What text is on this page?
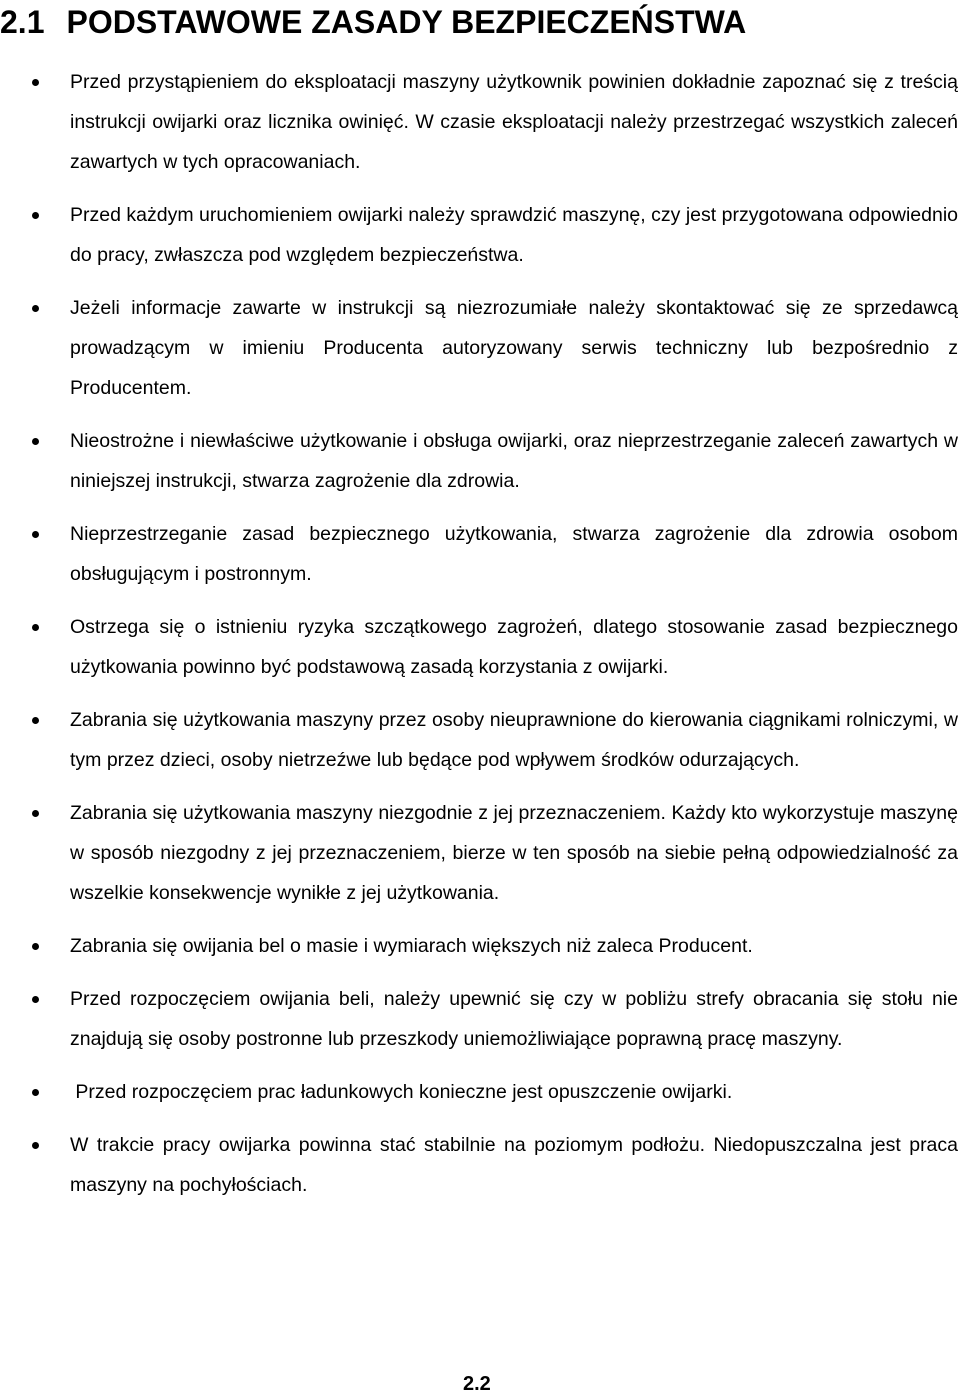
2.1 PODSTAWOWE ZASADY BEZPIECZEŃSTWA
Przed przystąpieniem do eksploatacji maszyny użytkownik powinien dokładnie zapoznać się z treścią instrukcji owijarki oraz licznika owinięć. W czasie eksploatacji należy przestrzegać wszystkich zaleceń zawartych w tych opracowaniach.
Przed każdym uruchomieniem owijarki należy sprawdzić maszynę, czy jest przygotowana odpowiednio do pracy, zwłaszcza pod względem bezpieczeństwa.
Jeżeli informacje zawarte w instrukcji są niezrozumiałe należy skontaktować się ze sprzedawcą prowadzącym w imieniu Producenta autoryzowany serwis techniczny lub bezpośrednio z Producentem.
Nieostrożne i niewłaściwe użytkowanie i obsługa owijarki, oraz nieprzestrzeganie zaleceń zawartych w niniejszej instrukcji, stwarza zagrożenie dla zdrowia.
Nieprzestrzeganie zasad bezpiecznego użytkowania, stwarza zagrożenie dla zdrowia osobom obsługującym i postronnym.
Ostrzega się o istnieniu ryzyka szczątkowego zagrożeń, dlatego stosowanie zasad bezpiecznego użytkowania powinno być podstawową zasadą korzystania z owijarki.
Zabrania się użytkowania maszyny przez osoby nieuprawnione do kierowania ciągnikami rolniczymi, w tym przez dzieci, osoby nietrzeźwe lub będące pod wpływem środków odurzających.
Zabrania się użytkowania maszyny niezgodnie z jej przeznaczeniem. Każdy kto wykorzystuje maszynę w sposób niezgodny z jej przeznaczeniem, bierze w ten sposób na siebie pełną odpowiedzialność za wszelkie konsekwencje wynikłe z jej użytkowania.
Zabrania się owijania bel o masie i wymiarach większych niż zaleca Producent.
Przed rozpoczęciem owijania beli, należy upewnić się czy w pobliżu strefy obracania się stołu nie znajdują się osoby postronne lub przeszkody uniemożliwiające poprawną pracę maszyny.
Przed rozpoczęciem prac ładunkowych konieczne jest opuszczenie owijarki.
W trakcie pracy owijarka powinna stać stabilnie na poziomym podłożu. Niedopuszczalna jest praca maszyny na pochyłościach.

2.2
